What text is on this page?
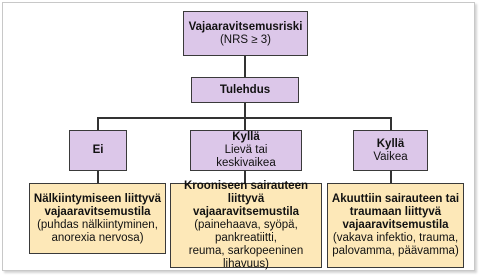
Vajaaravitsemusriski
(NRS ≥ 3)
Tulehdus
Ei
Kyllä
Lievä tai keskivaikea
Kyllä
Vaikea
Nälkiintymiseen liittyvä
vajaaravitsemustila
(puhdas nälkiintyminen,
anorexia nervosa)
Krooniseen sairauteen
liittyvä
vajaaravitsemustila
(painehaava, syöpä, pankreatiitti,
reuma, sarkopeeninen lihavuus)
Akuuttiin sairauteen tai
traumaan liittyvä
vajaaravitsemustila
(vakava infektio, trauma,
palovamma, päävamma)
